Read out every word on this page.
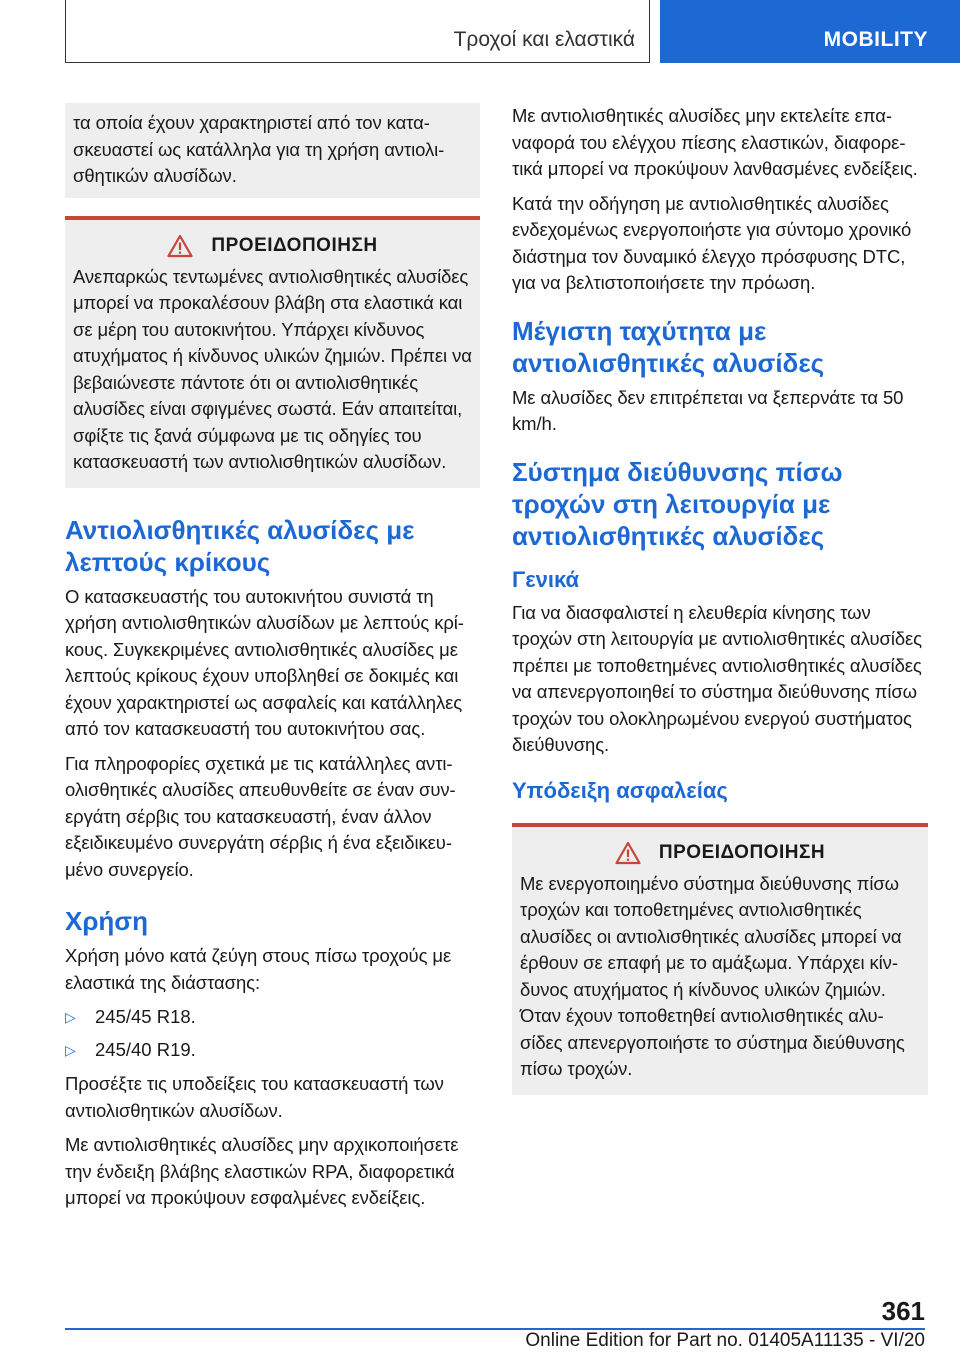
Τροχοί και ελαστικά	MOBILITY

τα οποία έχουν χαρακτηριστεί από τον κατασκευαστεί ως κατάλληλα για τη χρήση αντιολισθητικών αλυσίδων.

ΠΡΟΕΙΔΟΠΟΙΗΣΗ

Ανεπαρκώς τεντωμένες αντιολισθητικές αλυσίδες μπορεί να προκαλέσουν βλάβη στα ελαστικά και σε μέρη του αυτοκινήτου. Υπάρχει κίνδυνος ατυχήματος ή κίνδυνος υλικών ζημιών. Πρέπει να βεβαιώνεστε πάντοτε ότι οι αντιολισθητικές αλυσίδες είναι σφιγμένες σωστά. Εάν απαιτείται, σφίξτε τις ξανά σύμφωνα με τις οδηγίες του κατασκευαστή των αντιολισθητικών αλυσίδων.

Αντιολισθητικές αλυσίδες με λεπτούς κρίκους

Ο κατασκευαστής του αυτοκινήτου συνιστά τη χρήση αντιολισθητικών αλυσίδων με λεπτούς κρίκους. Συγκεκριμένες αντιολισθητικές αλυσίδες με λεπτούς κρίκους έχουν υποβληθεί σε δοκιμές και έχουν χαρακτηριστεί ως ασφαλείς και κατάλληλες από τον κατασκευαστή του αυτοκινήτου σας.

Για πληροφορίες σχετικά με τις κατάλληλες αντιολισθητικές αλυσίδες απευθυνθείτε σε έναν συνεργάτη σέρβις του κατασκευαστή, έναν άλλον εξειδικευμένο συνεργάτη σέρβις ή ένα εξειδικευμένο συνεργείο.

Χρήση

Χρήση μόνο κατά ζεύγη στους πίσω τροχούς με ελαστικά της διάστασης:

▷	245/45 R18.
▷	245/40 R19.

Προσέξτε τις υποδείξεις του κατασκευαστή των αντιολισθητικών αλυσίδων.

Με αντιολισθητικές αλυσίδες μην αρχικοποιήσετε την ένδειξη βλάβης ελαστικών RPA, διαφορετικά μπορεί να προκύψουν εσφαλμένες ενδείξεις.

Με αντιολισθητικές αλυσίδες μην εκτελείτε επαναφορά του ελέγχου πίεσης ελαστικών, διαφορετικά μπορεί να προκύψουν λανθασμένες ενδείξεις.

Κατά την οδήγηση με αντιολισθητικές αλυσίδες ενδεχομένως ενεργοποιήστε για σύντομο χρονικό διάστημα τον δυναμικό έλεγχο πρόσφυσης DTC, για να βελτιστοποιήσετε την πρόωση.

Μέγιστη ταχύτητα με αντιολισθητικές αλυσίδες

Με αλυσίδες δεν επιτρέπεται να ξεπερνάτε τα 50 km/h.

Σύστημα διεύθυνσης πίσω τροχών στη λειτουργία με αντιολισθητικές αλυσίδες
Γενικά

Για να διασφαλιστεί η ελευθερία κίνησης των τροχών στη λειτουργία με αντιολισθητικές αλυσίδες πρέπει με τοποθετημένες αντιολισθητικές αλυσίδες να απενεργοποιηθεί το σύστημα διεύθυνσης πίσω τροχών του ολοκληρωμένου ενεργού συστήματος διεύθυνσης.

Υπόδειξη ασφαλείας
ΠΡΟΕΙΔΟΠΟΙΗΣΗ

Με ενεργοποιημένο σύστημα διεύθυνσης πίσω τροχών και τοποθετημένες αντιολισθητικές αλυσίδες οι αντιολισθητικές αλυσίδες μπορεί να έρθουν σε επαφή με το αμάξωμα. Υπάρχει κίνδυνος ατυχήματος ή κίνδυνος υλικών ζημιών. Όταν έχουν τοποθετηθεί αντιολισθητικές αλυσίδες απενεργοποιήστε το σύστημα διεύθυνσης πίσω τροχών.

361
Online Edition for Part no. 01405A11135 - VI/20
